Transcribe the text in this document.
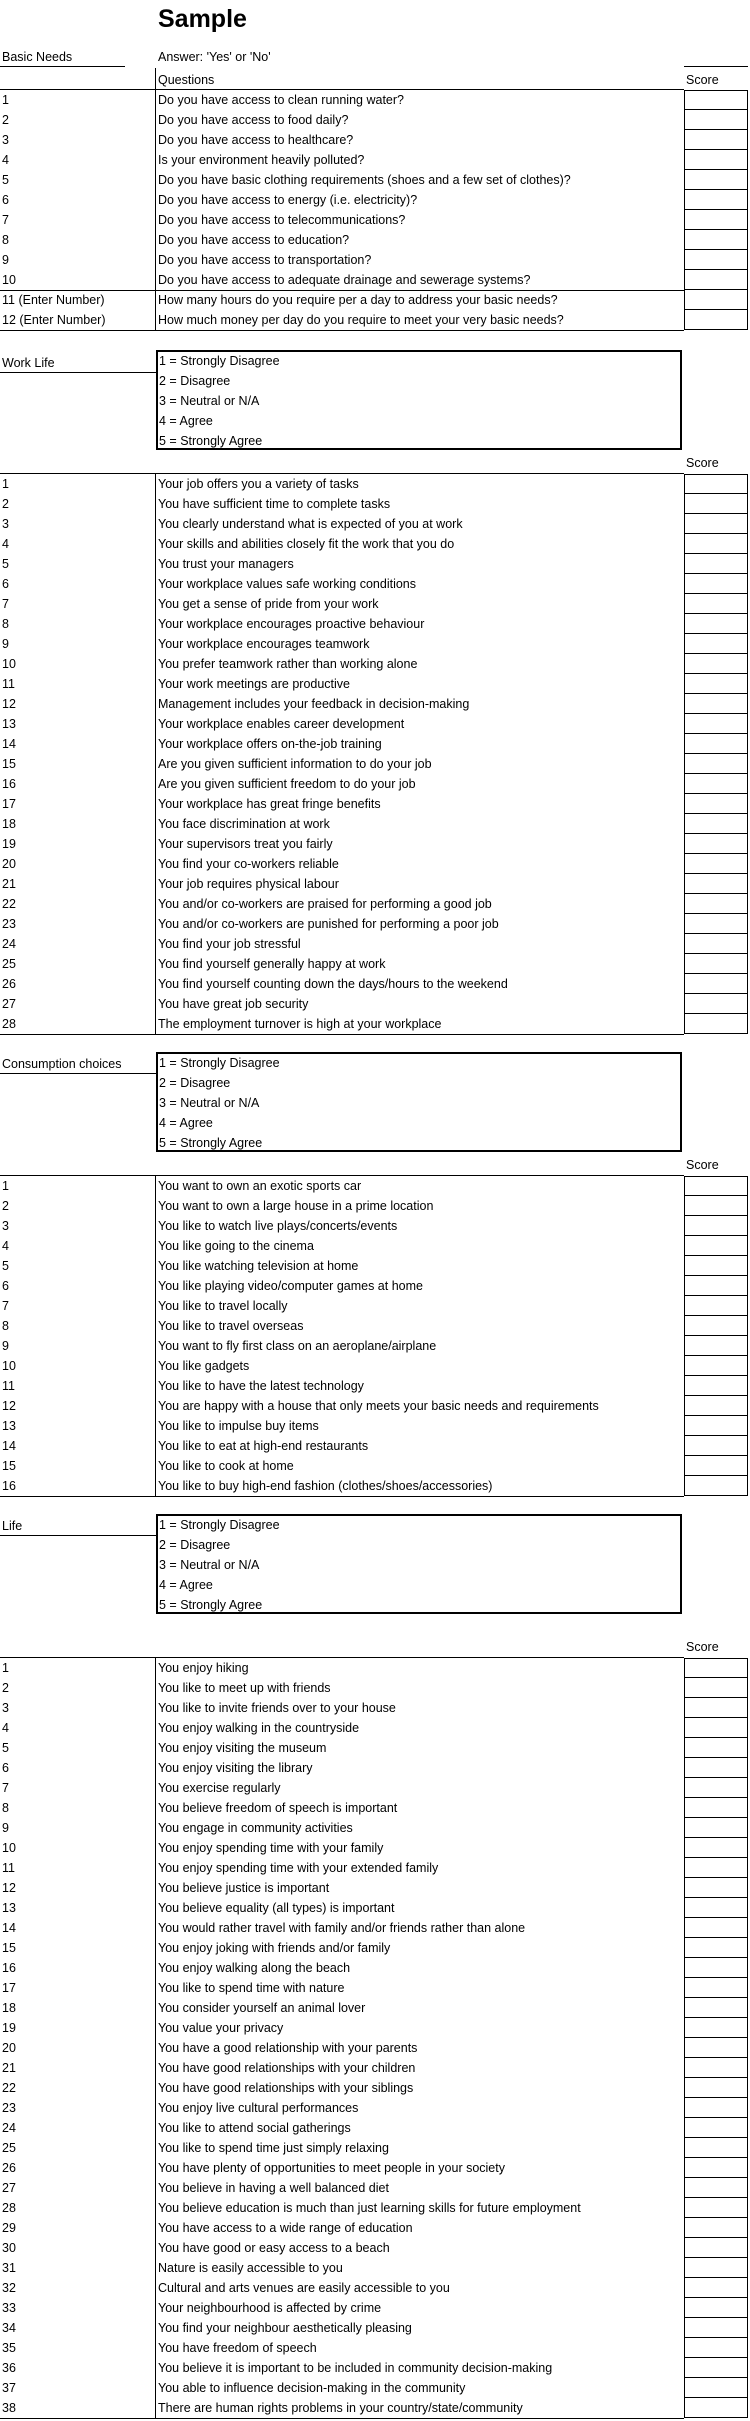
Sample
Basic Needs	Answer: 'Yes' or 'No'
Questions	Score
1	Do you have access to clean running water?
2	Do you have access to food daily?
3	Do you have access to healthcare?
4	Is your environment heavily polluted?
5	Do you have basic clothing requirements (shoes and a few set of clothes)?
6	Do you have access to energy (i.e. electricity)?
7	Do you have access to telecommunications?
8	Do you have access to education?
9	Do you have access to transportation?
10	Do you have access to adequate drainage and sewerage systems?
11 (Enter Number)	How many hours do you require per a day to address your basic needs?
12 (Enter Number)	How much money per day do you require to meet your very basic needs?
Work Life	1 = Strongly Disagree
2 = Disagree
3 = Neutral or N/A
4 = Agree
5 = Strongly Agree
Score
1	Your job offers you a variety of tasks
2	You have sufficient time to complete tasks
3	You clearly understand what is expected of you at work
4	Your skills and abilities closely fit the work that you do
5	You trust your managers
6	Your workplace values safe working conditions
7	You get a sense of pride from your work
8	Your workplace encourages proactive behaviour
9	Your workplace encourages teamwork
10	You prefer teamwork rather than working alone
11	Your work meetings are productive
12	Management includes your feedback in decision-making
13	Your workplace enables career development
14	Your workplace offers on-the-job training
15	Are you given sufficient information to do your job
16	Are you given sufficient freedom to do your job
17	Your workplace has great fringe benefits
18	You face discrimination at work
19	Your supervisors treat you fairly
20	You find your co-workers reliable
21	Your job requires physical labour
22	You and/or co-workers are praised for performing a good job
23	You and/or co-workers are punished for performing a poor job
24	You find your job stressful
25	You find yourself generally happy at work
26	You find yourself counting down the days/hours to the weekend
27	You have great job security
28	The employment turnover is high at your workplace
Consumption choices	1 = Strongly Disagree
2 = Disagree
3 = Neutral or N/A
4 = Agree
5 = Strongly Agree
Score
1	You want to own an exotic sports car
2	You want to own a large house in a prime location
3	You like to watch live plays/concerts/events
4	You like going to the cinema
5	You like watching television at home
6	You like playing video/computer games at home
7	You like to travel locally
8	You like to travel overseas
9	You want to fly first class on an aeroplane/airplane
10	You like gadgets
11	You like to have the latest technology
12	You are happy with a house that only meets your basic needs and requirements
13	You like to impulse buy items
14	You like to eat at high-end restaurants
15	You like to cook at home
16	You like to buy high-end fashion (clothes/shoes/accessories)
Life	1 = Strongly Disagree
2 = Disagree
3 = Neutral or N/A
4 = Agree
5 = Strongly Agree
Score
1	You enjoy hiking
2	You like to meet up with friends
3	You like to invite friends over to your house
4	You enjoy walking in the countryside
5	You enjoy visiting the museum
6	You enjoy visiting the library
7	You exercise regularly
8	You believe freedom of speech is important
9	You engage in community activities
10	You enjoy spending time with your family
11	You enjoy spending time with your extended family
12	You believe justice is important
13	You believe equality (all types) is important
14	You would rather travel with family and/or friends rather than alone
15	You enjoy joking with friends and/or family
16	You enjoy walking along the beach
17	You like to spend time with nature
18	You consider yourself an animal lover
19	You value your privacy
20	You have a good relationship with your parents
21	You have good relationships with your children
22	You have good relationships with your siblings
23	You enjoy live cultural performances
24	You like to attend social gatherings
25	You like to spend time just simply relaxing
26	You have plenty of opportunities to meet people in your society
27	You believe in having a well balanced diet
28	You believe education is much than just learning skills for future employment
29	You have access to a wide range of education
30	You have good or easy access to a beach
31	Nature is easily accessible to you
32	Cultural and arts venues are easily accessible to you
33	Your neighbourhood is affected by crime
34	You find your neighbour aesthetically pleasing
35	You have freedom of speech
36	You believe it is important to be included in community decision-making
37	You able to influence decision-making in the community
38	There are human rights problems in your country/state/community
